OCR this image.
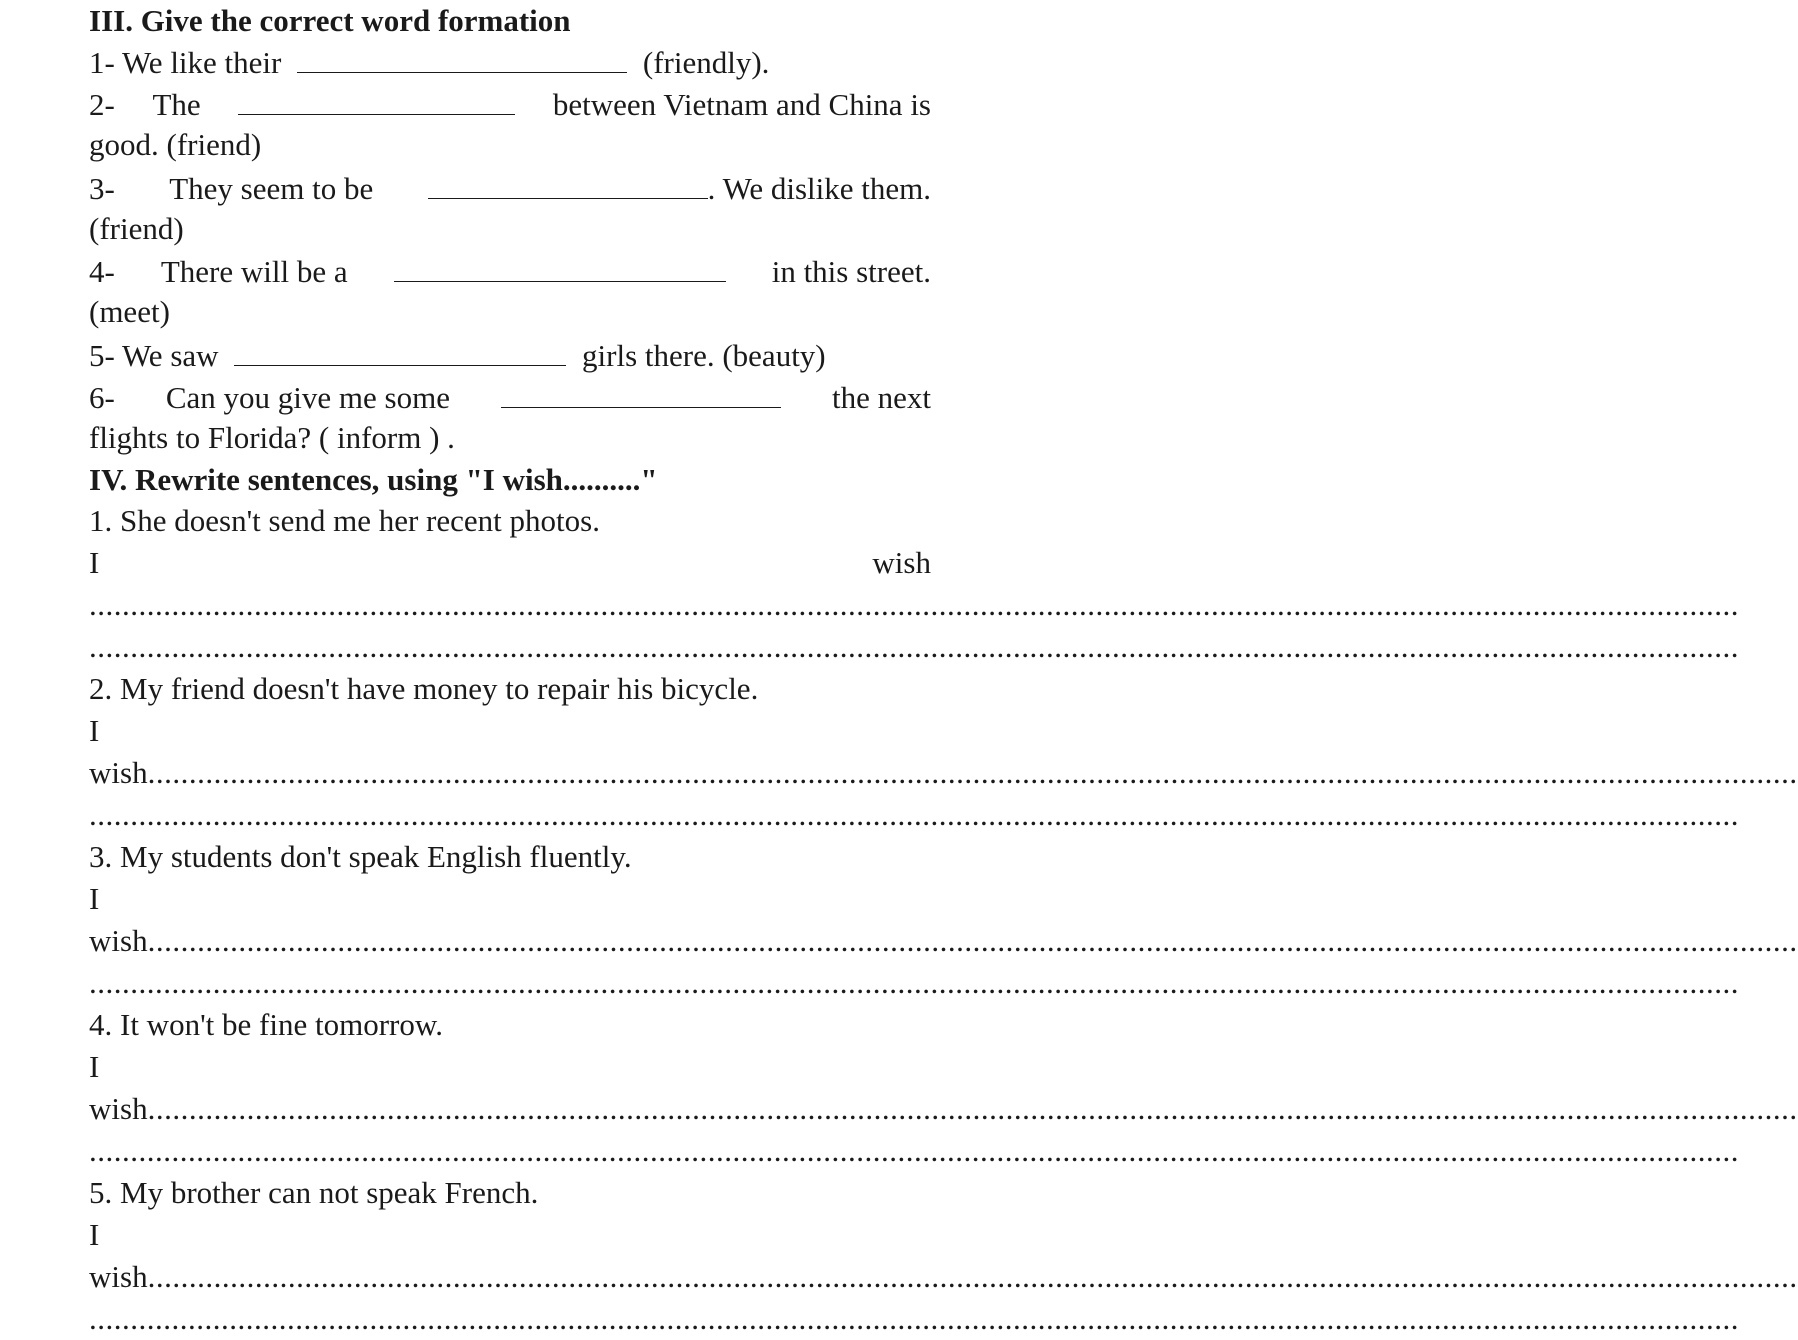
III. Give the correct word formation
1- We like their	(friendly).
2- The	between Vietnam and China is
good. (friend)
3- They seem to be	. We dislike them.
(friend)
4- There will be a	in this street.
(meet)
5- We saw	girls there. (beauty)
6- Can you give me some	the next
flights to Florida? ( inform ) .
IV. Rewrite sentences, using "I wish.........."
1. She doesn't send me her recent photos.
I	wish
........................................................................................................................................................................................................
........................................................................................................................................................................................................
2. My friend doesn't have money to repair his bicycle.
I
wish ........................................................................................................................................................................................................
........................................................................................................................................................................................................
3. My students don't speak English fluently.
I
wish ........................................................................................................................................................................................................
........................................................................................................................................................................................................
4. It won't be fine tomorrow.
I
wish ........................................................................................................................................................................................................
........................................................................................................................................................................................................
5. My brother can not speak French.
I
wish ........................................................................................................................................................................................................
........................................................................................................................................................................................................
